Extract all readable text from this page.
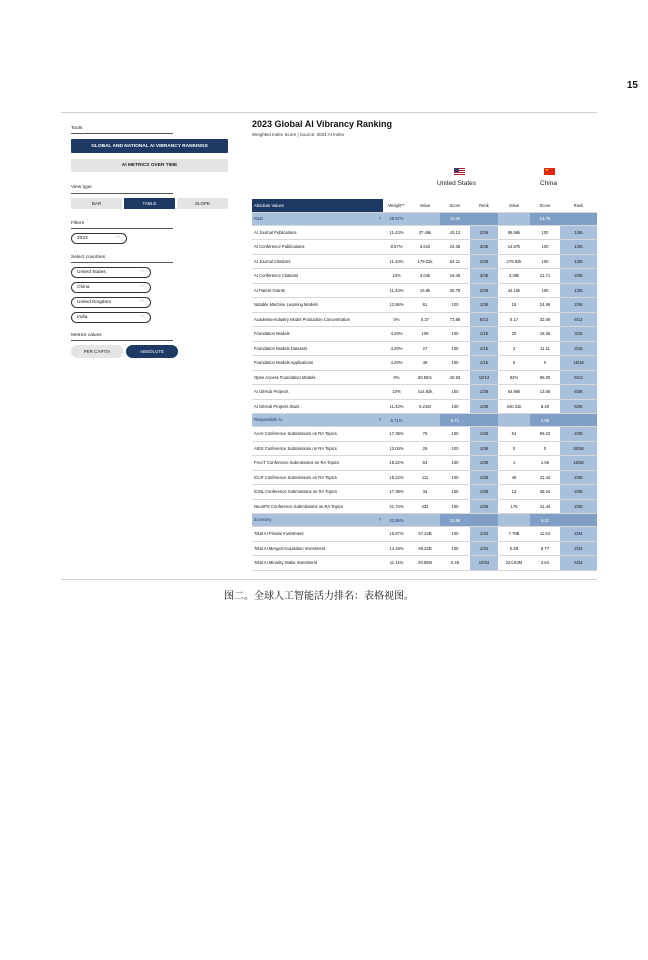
15
Tools
GLOBAL AND NATIONAL AI VIBRANCY RANKINGS
AI METRICS OVER TIME
View type
BAR	TABLE	SLOPE
Filters
2023	﹀
Select countries
United States	﹀
China	﹀
United Kingdom	﹀
India	﹀
Metrics values
PER CAPITA	ABSOLUTE
2023 Global AI Vibrancy Ranking
Weighted Index Score | Source: 2024 AI Index
United States
★
China
Absolute Values	Weight**	Value	Score	Rank	Value	Score	Rank
R&D ‹	28.57%		10.29			14.78	
AI Journal Publications	11.43%	37.46k	43.13	2/36	86.56k	100	1/36
AI Conference Publications	8.57%	3.61k	24.36	3/36	14.87k	100	1/36
AI Journal Citations	11.43%	179.01k	64.11	2/36	278.92k	100	1/36
AI Conference Citations	10%	3.04k	19.46	3/36	3.39k	21.71	2/36
AI Patent Grants	11.43%	15.8k	35.79	2/35	44.15k	100	1/35
Notable Machine Learning Models	12.86%	61	100	1/36	15	24.59	2/36
Academia-Industry Model Production Concentration	0%	0.37	73.88	5/12	0.17	32.06	6/12
Foundation Models	4.29%	109	100	1/15	20	18.35	3/15
Foundation Models Datasets	4.29%	27	100	1/15	3	11.11	3/15
Foundation Models Applications	4.29%	48	100	1/15	0	0	15/15
Open Access Foundation Models	0%	60.55%	40.83	10/13	92%	86.00	9/13
AI GitHub Projects	10%	414.92k	100	1/36	54.95k	13.08	6/36
AI GitHub Projects Stars	11.43%	5.21M	100	1/36	440.31k	8.40	5/36
Responsible AI ‹	5.71%		5.71			1.96	
AAAI Conference Submissions on RA Topics	17.39%	78	100	1/36	54	69.23	2/36
AIES Conference Submissions on RA Topics	13.04%	28	100	1/36	0	0	36/36
FAccT Conference Submissions on RA Topics	15.22%	63	100	1/36	1	1.59	16/36
ICLR Conference Submissions on RA Topics	15.22%	111	100	1/36	46	41.44	2/36
ICML Conference Submissions on RA Topics	17.39%	34	100	1/36	13	38.24	2/36
NeurIPS Conference Submissions on RA Topics	21.74%	432	100	1/36	179	41.44	2/36
Economy ‹	22.86%		13.88			5.11	
Total AI Private Investment	15.87%	67.22B	100	1/34	7.76B	11.53	2/34
Total AI Merger/Acquisition Investment	14.29%	69.22B	100	1/34	5.2B	8.77	2/34
Total AI Minority Stake Investment	11.11%	29.55M	0.48	10/34	224.63M	3.64	5/34
图二。全球人工智能活力排名：表格视图。
